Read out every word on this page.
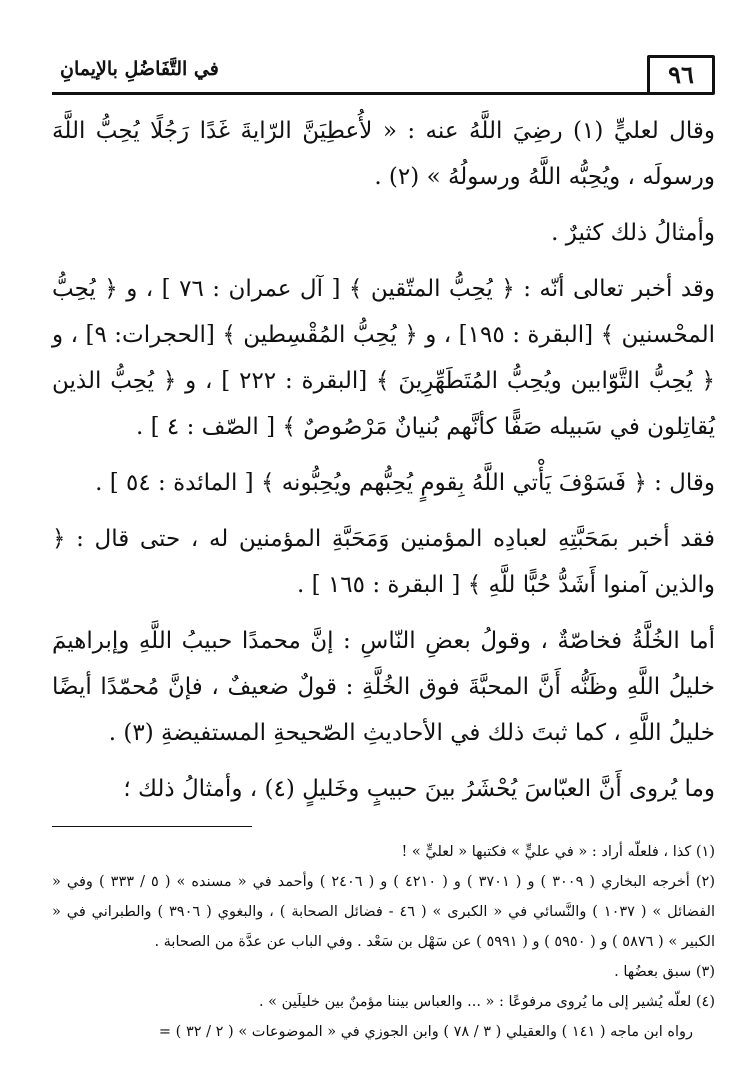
٩٦
في التَّفَاضُلِ بالإيمانِ

وقال لعليٍّ (١) رضِيَ اللَّهُ عنه : « لأُعطِيَنَّ الرّايةَ غَدًا رَجُلًا يُحِبُّ اللَّهَ ورسولَه ، ويُحِبُّه اللَّهُ ورسولُهُ » (٢) .

وأمثالُ ذلك كثيرٌ .

وقد أخبر تعالى أنّه : ﴿ يُحِبُّ المتّقين ﴾ [ آل عمران : ٧٦ ] ، و ﴿ يُحِبُّ المحْسنين ﴾ [البقرة : ١٩٥] ، و ﴿ يُحِبُّ المُقْسِطين ﴾ [الحجرات: ٩] ، و ﴿ يُحِبُّ التَّوّابين ويُحِبُّ المُتَطَهِّرِينَ ﴾ [البقرة : ٢٢٢ ] ، و ﴿ يُحِبُّ الذين يُقاتِلون في سَبيله صَفًّا كأنَّهم بُنيانٌ مَرْصُوصٌ ﴾ [ الصّف : ٤ ] .

وقال : ﴿ فَسَوْفَ يَأْتي اللَّهُ بِقومٍ يُحِبُّهم ويُحِبُّونه ﴾ [ المائدة : ٥٤ ] .

فقد أخبر بمَحَبَّتِهِ لعبادِه المؤمنين وَمَحَبَّةِ المؤمنين له ، حتى قال : ﴿ والذين آمنوا أَشَدُّ حُبًّا للَّهِ ﴾ [ البقرة : ١٦٥ ] .

أما الخُلَّةُ فخاصّةٌ ، وقولُ بعضِ النّاسِ : إنَّ محمدًا حبيبُ اللَّهِ وإبراهيمَ خليلُ اللَّهِ وظَنُّه أَنَّ المحبَّةَ فوق الخُلَّةِ : قولٌ ضعيفٌ ، فإنَّ مُحمّدًا أيضًا خليلُ اللَّهِ ، كما ثبتَ ذلك في الأحاديثِ الصّحيحةِ المستفيضةِ (٣) .

وما يُروى أَنَّ العبّاسَ يُحْشَرُ بينَ حبيبٍ وخَليلٍ (٤) ، وأمثالُ ذلك ؛

(١) كذا ، فلعلّه أراد : « في عليٍّ » فكتبها « لعليٍّ » !

(٢) أخرجه البخاري ( ٣٠٠٩ ) و ( ٣٧٠١ ) و ( ٤٢١٠ ) و ( ٢٤٠٦ ) وأحمد في « مسنده » ( ٥ / ٣٣٣ ) وفي « الفضائل » ( ١٠٣٧ ) والنَّسائي في « الكبرى » ( ٤٦ - فضائل الصحابة ) ، والبغوي ( ٣٩٠٦ ) والطبراني في « الكبير » ( ٥٨٧٦ ) و ( ٥٩٥٠ ) و ( ٥٩٩١ ) عن سَهْل بن سَعْد . وفي الباب عن عدَّة من الصحابة .

(٣) سبق بعضُها .

(٤) لعلّه يُشير إلى ما يُروى مرفوعًا : « ... والعباس بيننا مؤمنٌ بين خليلَين » .

رواه ابن ماجه ( ١٤١ ) والعقيلي ( ٣ / ٧٨ ) وابن الجوزي في « الموضوعات » ( ٢ / ٣٢ ) =
